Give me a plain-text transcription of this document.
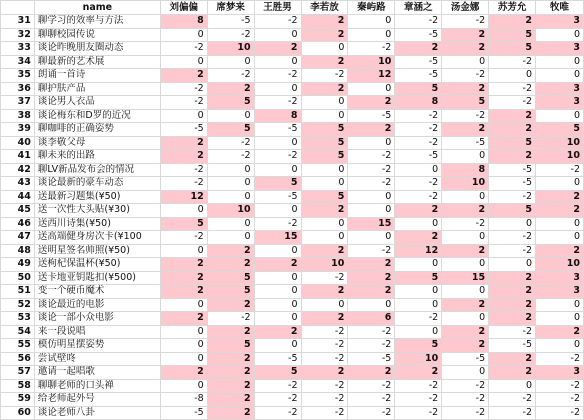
	name	刘偏偏	席梦来	王胜男	李若放	秦屿路	章涵之	汤金娜	苏芳允	牧唯
31	聊学习的效率与方法	8	-5	-2	2	0	-2	-2	2	3
32	聊聊校园传说	0	-2	0	2	0	-5	2	5	0
33	谈论昨晚朋友圈动态	-2	10	2	0	-2	2	2	5	3
34	聊最新的艺术展	0	0	0	2	10	-5	0	-2	0
35	朗诵一首诗	2	-2	-2	-2	12	-5	-2	0	0
36	聊护肤产品	-2	2	0	2	0	5	2	-2	3
37	谈论男人衣品	-2	5	-2	0	2	8	5	-2	3
38	谈论梅东和D罗的近况	0	0	8	0	-5	-2	-2	2	0
39	聊咖啡的正确姿势	-5	5	-5	5	2	-2	2	2	5
40	谈李敬父母	2	-2	0	5	0	-2	-5	5	10
41	聊未来的出路	2	-2	-2	5	-2	-5	0	2	10
42	聊LV新品发布会的情况	-2	0	0	0	-2	0	8	-5	-2
43	谈论最新的豪车动态	-2	0	5	0	-2	-2	10	-5	0
44	送最新习题集(¥50)	12	0	-5	5	0	-2	0	-2	2
45	送一次性大头贴(¥30)	0	10	0	2	0	2	2	5	2
46	送西川诗集(¥50)	5	0	-2	0	15	0	-2	0	0
47	送高端健身房次卡(¥100	-2	0	15	0	0	2	0	-2	0
48	送明星签名帅照(¥50)	0	2	0	2	-2	12	2	-2	2
49	送枸杞保温杯(¥50)	2	2	2	10	2	0	0	0	10
50	送卡地亚钥匙扣(¥500)	2	5	0	-2	2	5	15	2	3
51	变一个硬币魔术	2	5	0	2	2	0	0	2	3
52	谈论最近的电影	0	2	0	0	0	0	2	2	0
53	谈论一部小众电影	2	-2	0	2	6	-2	0	2	0
54	来一段说唱	0	2	2	-2	-2	0	2	-2	2
55	模仿明星摆姿势	0	5	0	-2	-2	5	2	-5	0
56	尝试壁咚	0	2	-5	-2	-5	10	-5	2	-2
57	邀请一起唱歌	2	2	5	2	2	2	0	2	3
58	聊聊老师的口头禅	0	2	-2	-2	-2	-2	-2	0	-2
59	给老师起外号	-8	2	-2	-2	-2	-2	-2	-2	-2
60	谈论老师八卦	-5	2	-2	-2	-2	-2	-2	-2	-2
